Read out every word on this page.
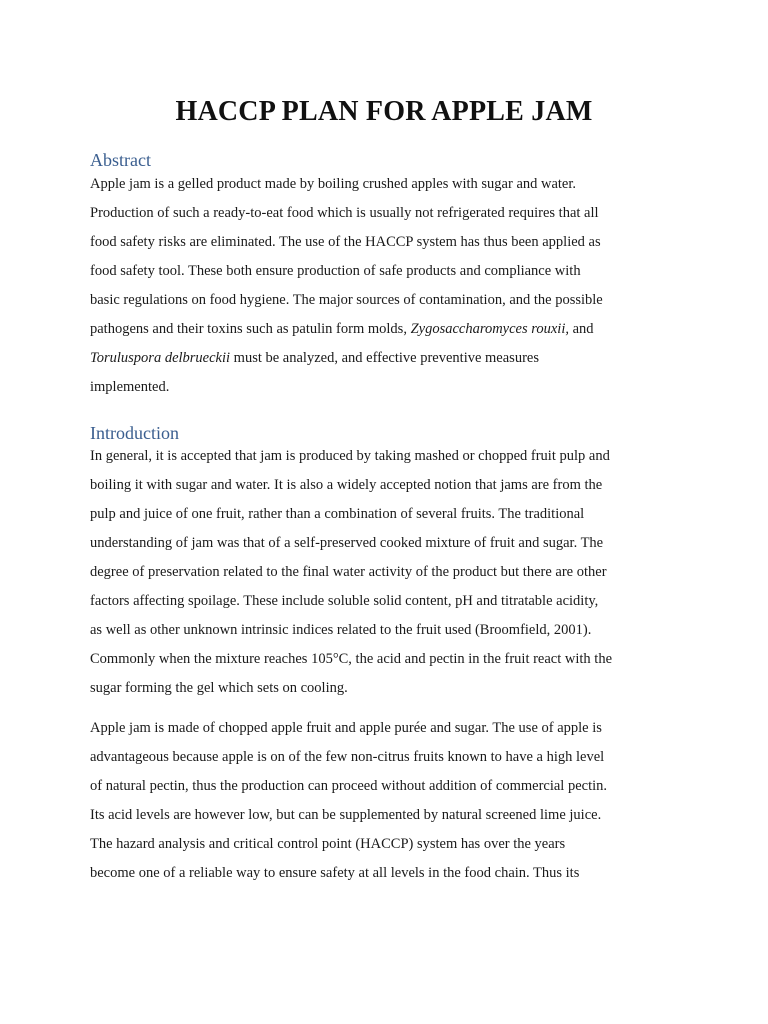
HACCP PLAN FOR APPLE JAM
Abstract
Apple jam is a gelled product made by boiling crushed apples with sugar and water.
Production of such a ready-to-eat food which is usually not refrigerated requires that all
food safety risks are eliminated. The use of the HACCP system has thus been applied as
food safety tool. These both ensure production of safe products and compliance with
basic regulations on food hygiene. The major sources of contamination, and the possible
pathogens and their toxins such as patulin form molds, Zygosaccharomyces rouxii, and
Toruluspora delbrueckii must be analyzed, and effective preventive measures
implemented.
Introduction
In general, it is accepted that jam is produced by taking mashed or chopped fruit pulp and
boiling it with sugar and water. It is also a widely accepted notion that jams are from the
pulp and juice of one fruit, rather than a combination of several fruits. The traditional
understanding of jam was that of a self-preserved cooked mixture of fruit and sugar. The
degree of preservation related to the final water activity of the product but there are other
factors affecting spoilage. These include soluble solid content, pH and titratable acidity,
as well as other unknown intrinsic indices related to the fruit used (Broomfield, 2001).
Commonly when the mixture reaches 105°C, the acid and pectin in the fruit react with the
sugar forming the gel which sets on cooling.
Apple jam is made of chopped apple fruit and apple purée and sugar. The use of apple is
advantageous because apple is on of the few non-citrus fruits known to have a high level
of natural pectin, thus the production can proceed without addition of commercial pectin.
Its acid levels are however low, but can be supplemented by natural screened lime juice.
The hazard analysis and critical control point (HACCP) system has over the years
become one of a reliable way to ensure safety at all levels in the food chain. Thus its
